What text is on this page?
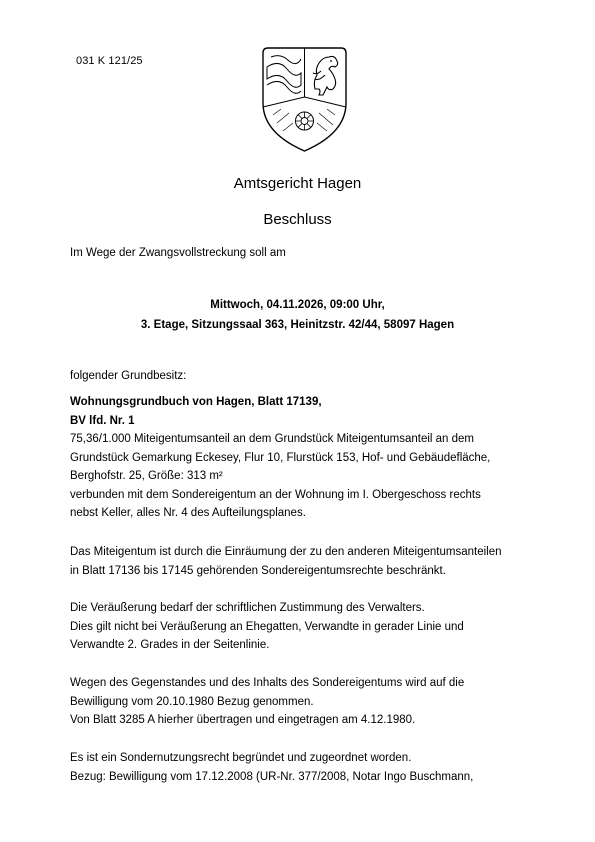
031 K 121/25
Amtsgericht Hagen
Beschluss
Im Wege der Zwangsvollstreckung soll am
Mittwoch, 04.11.2026, 09:00 Uhr,
3. Etage, Sitzungssaal 363, Heinitzstr. 42/44, 58097 Hagen
folgender Grundbesitz:
Wohnungsgrundbuch von Hagen, Blatt 17139,
BV lfd. Nr. 1
75,36/1.000 Miteigentumsanteil an dem Grundstück Miteigentumsanteil an dem
Grundstück Gemarkung Eckesey, Flur 10, Flurstück 153, Hof- und Gebäudefläche,
Berghofstr. 25, Größe: 313 m²
verbunden mit dem Sondereigentum an der Wohnung im I. Obergeschoss rechts
nebst Keller, alles Nr. 4 des Aufteilungsplanes.
Das Miteigentum ist durch die Einräumung der zu den anderen Miteigentumsanteilen
in Blatt 17136 bis 17145 gehörenden Sondereigentumsrechte beschränkt.
Die Veräußerung bedarf der schriftlichen Zustimmung des Verwalters.
Dies gilt nicht bei Veräußerung an Ehegatten, Verwandte in gerader Linie und
Verwandte 2. Grades in der Seitenlinie.
Wegen des Gegenstandes und des Inhalts des Sondereigentums wird auf die
Bewilligung vom 20.10.1980 Bezug genommen.
Von Blatt 3285 A hierher übertragen und eingetragen am 4.12.1980.
Es ist ein Sondernutzungsrecht begründet und zugeordnet worden.
Bezug: Bewilligung vom 17.12.2008 (UR-Nr. 377/2008, Notar Ingo Buschmann,
